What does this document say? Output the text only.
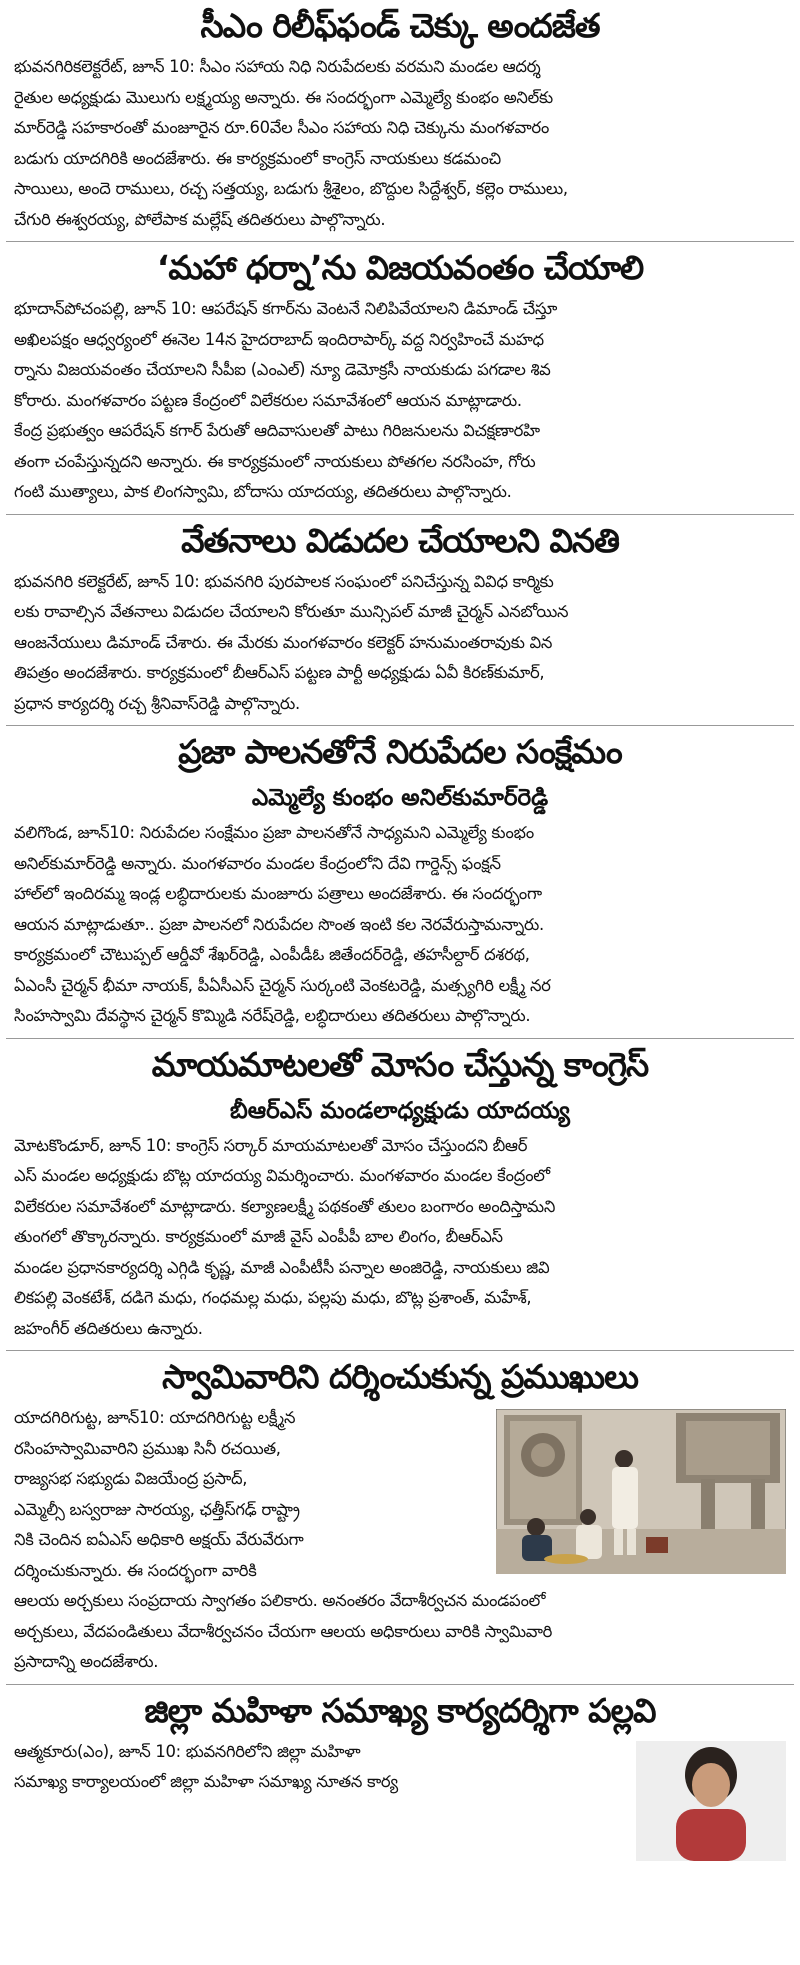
సీఎం రిలీఫ్‌ఫండ్‌ చెక్కు అందజేత
భువనగిరికలెక్టరేట్‌, జూన్‌ 10: సీఎం సహాయ నిధి నిరుపేదలకు వరమని మండల ఆదర్శ
రైతుల అధ్యక్షుడు మొలుగు లక్ష్మయ్య అన్నారు. ఈ సందర్భంగా ఎమ్మెల్యే కుంభం అనిల్‌కు
మార్‌రెడ్డి సహకారంతో మంజూరైన రూ.60వేల సీఎం సహాయ నిధి చెక్కును మంగళవారం
బడుగు యాదగిరికి అందజేశారు. ఈ కార్యక్రమంలో కాంగ్రెస్‌ నాయకులు కడమంచి
సాయిలు, అందె రాములు, రచ్చ సత్తయ్య, బడుగు శ్రీశైలం, బొద్దుల సిద్దేశ్వర్‌, కల్లెం రాములు,
చేగురి ఈశ్వరయ్య, పోలేపాక మల్లేష్‌ తదితరులు పాల్గొన్నారు.
‘మహా ధర్నా’ను విజయవంతం చేయాలి
భూదాన్‌పోచంపల్లి, జూన్‌ 10: ఆపరేషన్‌ కగార్‌ను వెంటనే నిలిపివేయాలని డిమాండ్‌ చేస్తూ
అఖిలపక్షం ఆధ్వర్యంలో ఈనెల 14న హైదరాబాద్‌ ఇందిరాపార్క్‌ వద్ద నిర్వహించే మహధ
ర్నాను విజయవంతం చేయాలని సీపీఐ (ఎంఎల్‌) న్యూ డెమోక్రసీ నాయకుడు పగడాల శివ
కోరారు. మంగళవారం పట్టణ కేంద్రంలో విలేకరుల సమావేశంలో ఆయన మాట్లాడారు.
కేంద్ర ప్రభుత్వం ఆపరేషన్‌ కగార్‌ పేరుతో ఆదివాసులతో పాటు గిరిజనులను విచక్షణారహి
తంగా చంపేస్తున్నదని అన్నారు. ఈ కార్యక్రమంలో నాయకులు పోతగల నరసింహ, గోరు
గంటి ముత్యాలు, పాక లింగస్వామి, బోదాసు యాదయ్య, తదితరులు పాల్గొన్నారు.
వేతనాలు విడుదల చేయాలని వినతి
భువనగిరి కలెక్టరేట్‌, జూన్‌ 10: భువనగిరి పురపాలక సంఘంలో పనిచేస్తున్న వివిధ కార్మికు
లకు రావాల్సిన వేతనాలు విడుదల చేయాలని కోరుతూ మున్సిపల్‌ మాజీ చైర్మన్‌ ఎనబోయిన
ఆంజనేయులు డిమాండ్‌ చేశారు. ఈ మేరకు మంగళవారం కలెక్టర్‌ హనుమంతరావుకు విన
తిపత్రం అందజేశారు. కార్యక్రమంలో బీఆర్‌ఎస్‌ పట్టణ పార్టీ అధ్యక్షుడు ఏవీ కిరణ్‌కుమార్‌,
ప్రధాన కార్యదర్శి రచ్చ శ్రీనివాస్‌రెడ్డి పాల్గొన్నారు.
ప్రజా పాలనతోనే నిరుపేదల సంక్షేమం
ఎమ్మెల్యే కుంభం అనిల్‌కుమార్‌రెడ్డి
వలిగొండ, జూన్‌10: నిరుపేదల సంక్షేమం ప్రజా పాలనతోనే సాధ్యమని ఎమ్మెల్యే కుంభం
అనిల్‌కుమార్‌రెడ్డి అన్నారు. మంగళవారం మండల కేంద్రంలోని దేవి గార్డెన్స్‌ ఫంక్షన్‌
హాల్‌లో ఇందిరమ్మ ఇండ్ల లబ్ధిదారులకు మంజూరు పత్రాలు అందజేశారు. ఈ సందర్భంగా
ఆయన మాట్లాడుతూ.. ప్రజా పాలనలో నిరుపేదల సొంత ఇంటి కల నెరవేరుస్తామన్నారు.
కార్యక్రమంలో చౌటుప్పల్‌ ఆర్డీవో శేఖర్‌రెడ్డి, ఎంపీడీఓ జితేందర్‌రెడ్డి, తహసీల్దార్‌ దశరథ,
ఏఎంసీ చైర్మన్‌ భీమా నాయక్‌, పీఏసీఎస్‌ చైర్మన్‌ సుర్కంటి వెంకటరెడ్డి, మత్స్యగిరి లక్ష్మీ నర
సింహస్వామి దేవస్థాన చైర్మన్‌ కొమ్మిడి నరేష్‌రెడ్డి, లబ్ధిదారులు తదితరులు పాల్గొన్నారు.
మాయమాటలతో మోసం చేస్తున్న కాంగ్రెస్‌
బీఆర్‌ఎస్‌ మండలాధ్యక్షుడు యాదయ్య
మోటకొండూర్‌, జూన్‌ 10: కాంగ్రెస్‌ సర్కార్‌ మాయమాటలతో మోసం చేస్తుందని బీఆర్‌
ఎస్‌ మండల అధ్యక్షుడు బొట్ల యాదయ్య విమర్శించారు. మంగళవారం మండల కేంద్రంలో
విలేకరుల సమావేశంలో మాట్లాడారు. కల్యాణలక్ష్మీ పథకంతో తులం బంగారం అందిస్తామని
తుంగలో తొక్కారన్నారు. కార్యక్రమంలో మాజీ వైస్‌ ఎంపీపీ బాల లింగం, బీఆర్‌ఎస్‌
మండల ప్రధానకార్యదర్శి ఎగ్గిడి కృష్ణ, మాజీ ఎంపీటీసీ పన్నాల అంజిరెడ్డి, నాయకులు జివి
లికపల్లి వెంకటేశ్‌, దడిగె మధు, గంధమల్ల మధు, పల్లపు మధు, బొట్ల ప్రశాంత్‌, మహేశ్‌,
జహంగీర్‌ తదితరులు ఉన్నారు.
స్వామివారిని దర్శించుకున్న ప్రముఖులు
యాదగిరిగుట్ట, జూన్‌10: యాదగిరిగుట్ట లక్ష్మీన
రసింహస్వామివారిని ప్రముఖ సినీ రచయిత,
రాజ్యసభ సభ్యుడు విజయేంద్ర ప్రసాద్‌,
ఎమ్మెల్సీ బస్వరాజు సారయ్య, ఛత్తీస్‌గఢ్‌ రాష్ట్రా
నికి చెందిన ఐఏఎస్‌ అధికారి అక్షయ్‌ వేరువేరుగా
దర్శించుకున్నారు. ఈ సందర్భంగా వారికి
ఆలయ అర్చకులు సంప్రదాయ స్వాగతం పలికారు. అనంతరం వేదాశీర్వచన మండపంలో
అర్చకులు, వేదపండితులు వేదాశీర్వచనం చేయగా ఆలయ అధికారులు వారికి స్వామివారి
ప్రసాదాన్ని అందజేశారు.
జిల్లా మహిళా సమాఖ్య కార్యదర్శిగా పల్లవి
ఆత్మకూరు(ఎం), జూన్‌ 10: భువనగిరిలోని జిల్లా మహిళా
సమాఖ్య కార్యాలయంలో జిల్లా మహిళా సమాఖ్య నూతన కార్య
